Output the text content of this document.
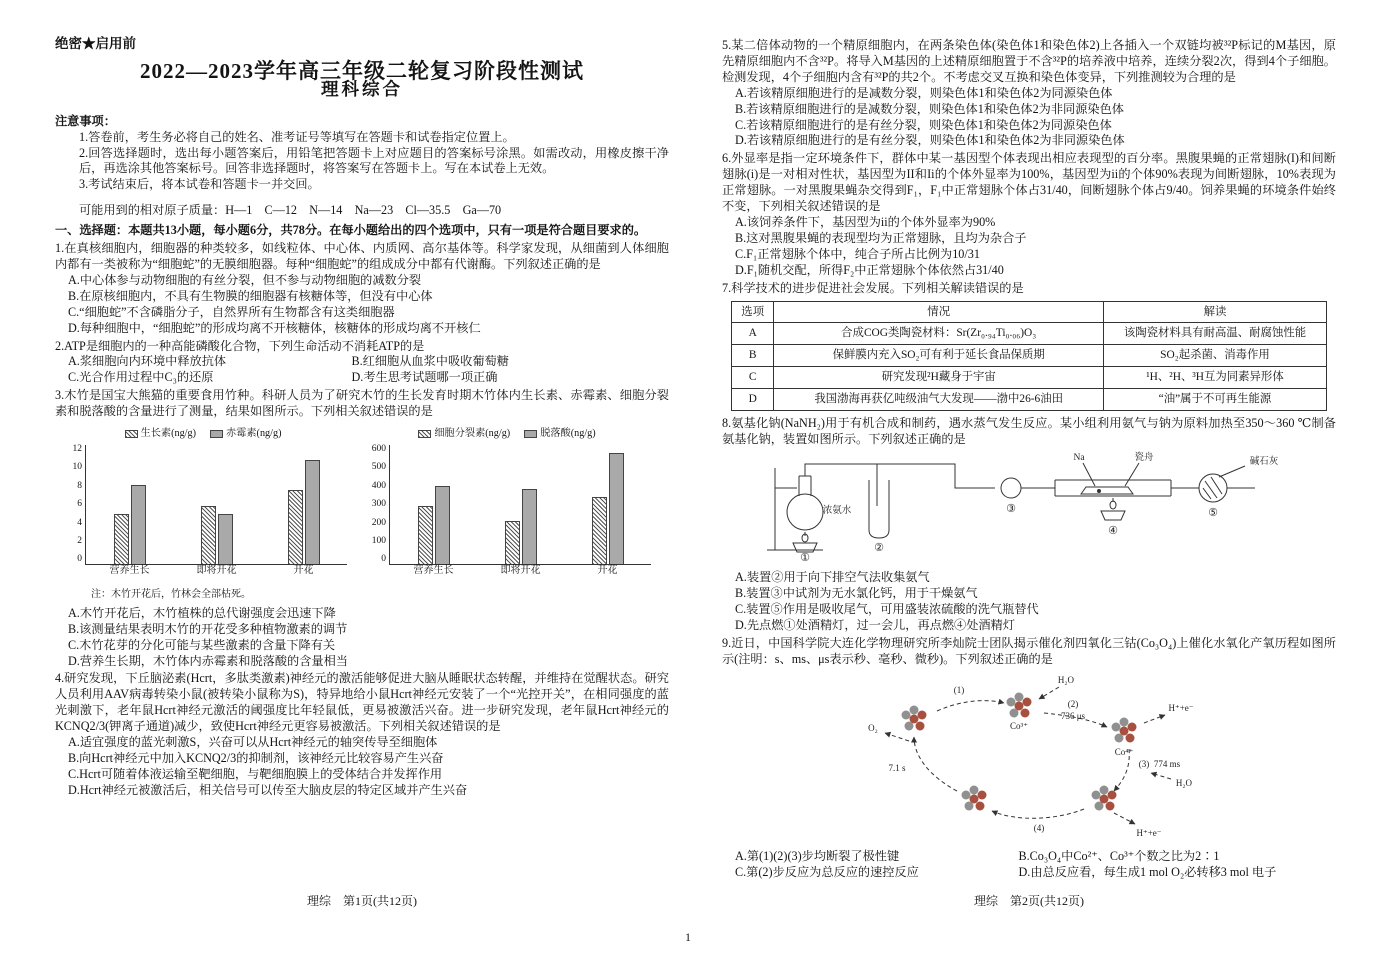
绝密★启用前
2022—2023学年高三年级二轮复习阶段性测试
理科综合
注意事项：
1.答卷前，考生务必将自己的姓名、准考证号等填写在答题卡和试卷指定位置上。
2.回答选择题时，选出每小题答案后，用铅笔把答题卡上对应题目的答案标号涂黑。如需改动，用橡皮擦干净后，再选涂其他答案标号。回答非选择题时，将答案写在答题卡上。写在本试卷上无效。
3.考试结束后，将本试卷和答题卡一并交回。
可能用到的相对原子质量：H—1　C—12　N—14　Na—23　Cl—35.5　Ga—70
一、选择题：本题共13小题，每小题6分，共78分。在每小题给出的四个选项中，只有一项是符合题目要求的。
1.在真核细胞内，细胞器的种类较多，如线粒体、中心体、内质网、高尔基体等。科学家发现，从细菌到人体细胞内都有一类被称为“细胞蛇”的无膜细胞器。每种“细胞蛇”的组成成分中都有代谢酶。下列叙述正确的是
A.中心体参与动物细胞的有丝分裂，但不参与动物细胞的减数分裂
B.在原核细胞内，不具有生物膜的细胞器有核糖体等，但没有中心体
C.“细胞蛇”不含磷脂分子，自然界所有生物都含有这类细胞器
D.每种细胞中，“细胞蛇”的形成均离不开核糖体，核糖体的形成均离不开核仁
2.ATP是细胞内的一种高能磷酸化合物，下列生命活动不消耗ATP的是
A.浆细胞向内环境中释放抗体	B.红细胞从血浆中吸收葡萄糖
C.光合作用过程中C₃的还原	D.考生思考试题哪一项正确
3.木竹是国宝大熊猫的重要食用竹种。科研人员为了研究木竹的生长发育时期木竹体内生长素、赤霉素、细胞分裂素和脱落酸的含量进行了测量，结果如图所示。下列相关叙述错误的是
生长素(ng/g)	赤霉素(ng/g)
12
10
8
6
4
2
0
营养生长	即将开花	开花
细胞分裂素(ng/g)	脱落酸(ng/g)
600
500
400
300
200
100
0
营养生长	即将开花	开花
注：木竹开花后，竹林会全部枯死。
A.木竹开花后，木竹植株的总代谢强度会迅速下降
B.该测量结果表明木竹的开花受多种植物激素的调节
C.木竹花芽的分化可能与某些激素的含量下降有关
D.营养生长期，木竹体内赤霉素和脱落酸的含量相当
4.研究发现，下丘脑泌素(Hcrt，多肽类激素)神经元的激活能够促进大脑从睡眠状态转醒，并维持在觉醒状态。研究人员利用AAV病毒转染小鼠(被转染小鼠称为S)，特异地给小鼠Hcrt神经元安装了一个“光控开关”，在相同强度的蓝光刺激下，老年鼠Hcrt神经元激活的阈强度比年轻鼠低，更易被激活兴奋。进一步研究发现，老年鼠Hcrt神经元的KCNQ2/3(钾离子通道)减少，致使Hcrt神经元更容易被激活。下列相关叙述错误的是
A.适宜强度的蓝光刺激S，兴奋可以从Hcrt神经元的轴突传导至细胞体
B.向Hcrt神经元中加入KCNQ2/3的抑制剂，该神经元比较容易产生兴奋
C.Hcrt可随着体液运输至靶细胞，与靶细胞膜上的受体结合并发挥作用
D.Hcrt神经元被激活后，相关信号可以传至大脑皮层的特定区域并产生兴奋
5.某二倍体动物的一个精原细胞内，在两条染色体(染色体1和染色体2)上各插入一个双链均被³²P标记的M基因，原先精原细胞内不含³²P。将导入M基因的上述精原细胞置于不含³²P的培养液中培养，连续分裂2次，得到4个子细胞。检测发现，4个子细胞内含有³²P的共2个。不考虑交叉互换和染色体变异，下列推测较为合理的是
A.若该精原细胞进行的是减数分裂，则染色体1和染色体2为同源染色体
B.若该精原细胞进行的是减数分裂，则染色体1和染色体2为非同源染色体
C.若该精原细胞进行的是有丝分裂，则染色体1和染色体2为同源染色体
D.若该精原细胞进行的是有丝分裂，则染色体1和染色体2为非同源染色体
6.外显率是指一定环境条件下，群体中某一基因型个体表现出相应表现型的百分率。黑腹果蝇的正常翅脉(I)和间断翅脉(i)是一对相对性状，基因型为II和Ii的个体外显率为100%，基因型为ii的个体90%表现为间断翅脉，10%表现为正常翅脉。一对黑腹果蝇杂交得到F₁，F₁中正常翅脉个体占31/40，间断翅脉个体占9/40。饲养果蝇的环境条件始终不变，下列相关叙述错误的是
A.该饲养条件下，基因型为ii的个体外显率为90%
B.这对黑腹果蝇的表现型均为正常翅脉，且均为杂合子
C.F₁正常翅脉个体中，纯合子所占比例为10/31
D.F₁随机交配，所得F₂中正常翅脉个体依然占31/40
7.科学技术的进步促进社会发展。下列相关解读错误的是
选项	情况	解读
A	合成COG类陶瓷材料：Sr(Zr₀.₉₄Ti₀.₀₆)O₃	该陶瓷材料具有耐高温、耐腐蚀性能
B	保鲜膜内充入SO₂可有利于延长食品保质期	SO₂起杀菌、消毒作用
C	研究发现²H藏身于宇宙	¹H、²H、³H互为同素异形体
D	我国渤海再获亿吨级油气大发现——渤中26-6油田	“油”属于不可再生能源
8.氨基化钠(NaNH₂)用于有机合成和制药，遇水蒸气发生反应。某小组利用氨气与钠为原料加热至350～360 ℃制备氨基化钠，装置如图所示。下列叙述正确的是
浓氨水
Na	瓷舟	碱石灰
①
②
③
④
⑤
A.装置②用于向下排空气法收集氨气
B.装置③中试剂为无水氯化钙，用于干燥氨气
C.装置⑤作用是吸收尾气，可用盛装浓硫酸的洗气瓶替代
D.先点燃①处酒精灯，过一会儿，再点燃④处酒精灯
9.近日，中国科学院大连化学物理研究所李灿院士团队揭示催化剂四氧化三钴(Co₃O₄)上催化水氧化产氧历程如图所示(注明：s、ms、μs表示秒、毫秒、微秒)。下列叙述正确的是
H₂O
(1)
(2)
736 μs
H⁺+e⁻
(3) 774 ms
H₂O
H⁺+e⁻
(4)
7.1 s
O₂	Co³⁺
Co⁴⁺
A.第(1)(2)(3)步均断裂了极性键	B.Co₃O₄中Co²⁺、Co³⁺个数之比为2∶1
C.第(2)步反应为总反应的速控反应	D.由总反应看，每生成1 mol O₂必转移3 mol 电子
理综　第1页(共12页)	理综　第2页(共12页)
1
